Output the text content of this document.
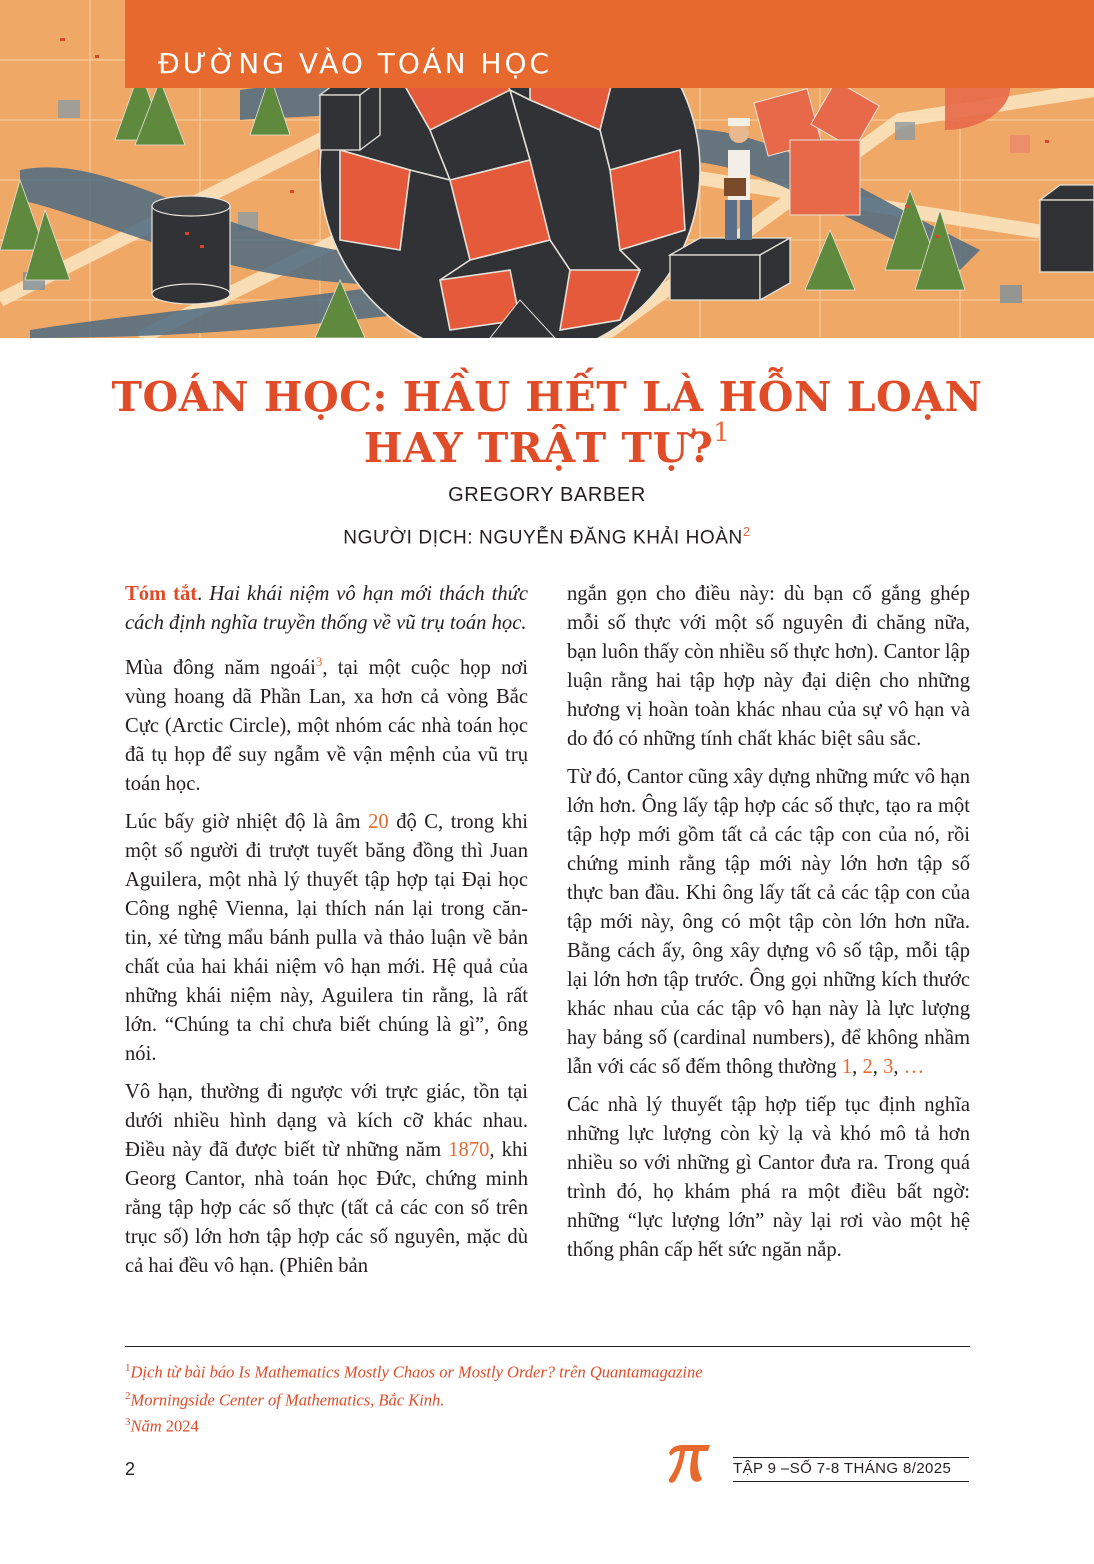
ĐƯỜNG VÀO TOÁN HỌC
TOÁN HỌC: HẦU HẾT LÀ HỖN LOẠN
HAY TRẬT TỰ?$^1$
GREGORY BARBER
NGƯỜI DỊCH: NGUYỄN ĐĂNG KHẢI HOÀN$^2$

Tóm tắt. Hai khái niệm vô hạn mới thách thức cách định nghĩa truyền thống về vũ trụ toán học.

Mùa đông năm ngoái$^3$, tại một cuộc họp nơi vùng hoang dã Phần Lan, xa hơn cả vòng Bắc Cực (Arctic Circle), một nhóm các nhà toán học đã tụ họp để suy ngẫm về vận mệnh của vũ trụ toán học.

Lúc bấy giờ nhiệt độ là âm 20 độ C, trong khi một số người đi trượt tuyết băng đồng thì Juan Aguilera, một nhà lý thuyết tập hợp tại Đại học Công nghệ Vienna, lại thích nán lại trong căn-tin, xé từng mẩu bánh pulla và thảo luận về bản chất của hai khái niệm vô hạn mới. Hệ quả của những khái niệm này, Aguilera tin rằng, là rất lớn. “Chúng ta chỉ chưa biết chúng là gì”, ông nói.

Vô hạn, thường đi ngược với trực giác, tồn tại dưới nhiều hình dạng và kích cỡ khác nhau. Điều này đã được biết từ những năm 1870, khi Georg Cantor, nhà toán học Đức, chứng minh rằng tập hợp các số thực (tất cả các con số trên trục số) lớn hơn tập hợp các số nguyên, mặc dù cả hai đều vô hạn. (Phiên bản

ngắn gọn cho điều này: dù bạn cố gắng ghép mỗi số thực với một số nguyên đi chăng nữa, bạn luôn thấy còn nhiều số thực hơn). Cantor lập luận rằng hai tập hợp này đại diện cho những hương vị hoàn toàn khác nhau của sự vô hạn và do đó có những tính chất khác biệt sâu sắc.

Từ đó, Cantor cũng xây dựng những mức vô hạn lớn hơn. Ông lấy tập hợp các số thực, tạo ra một tập hợp mới gồm tất cả các tập con của nó, rồi chứng minh rằng tập mới này lớn hơn tập số thực ban đầu. Khi ông lấy tất cả các tập con của tập mới này, ông có một tập còn lớn hơn nữa. Bằng cách ấy, ông xây dựng vô số tập, mỗi tập lại lớn hơn tập trước. Ông gọi những kích thước khác nhau của các tập vô hạn này là lực lượng hay bảng số (cardinal numbers), để không nhầm lẫn với các số đếm thông thường 1, 2, 3, …

Các nhà lý thuyết tập hợp tiếp tục định nghĩa những lực lượng còn kỳ lạ và khó mô tả hơn nhiều so với những gì Cantor đưa ra. Trong quá trình đó, họ khám phá ra một điều bất ngờ: những “lực lượng lớn” này lại rơi vào một hệ thống phân cấp hết sức ngăn nắp.

$^1$Dịch từ bài báo Is Mathematics Mostly Chaos or Mostly Order? trên Quantamagazine
$^2$Morningside Center of Mathematics, Bắc Kinh.
$^3$Năm 2024
2	TẬP 9 –SỐ 7-8 THÁNG 8/2025
